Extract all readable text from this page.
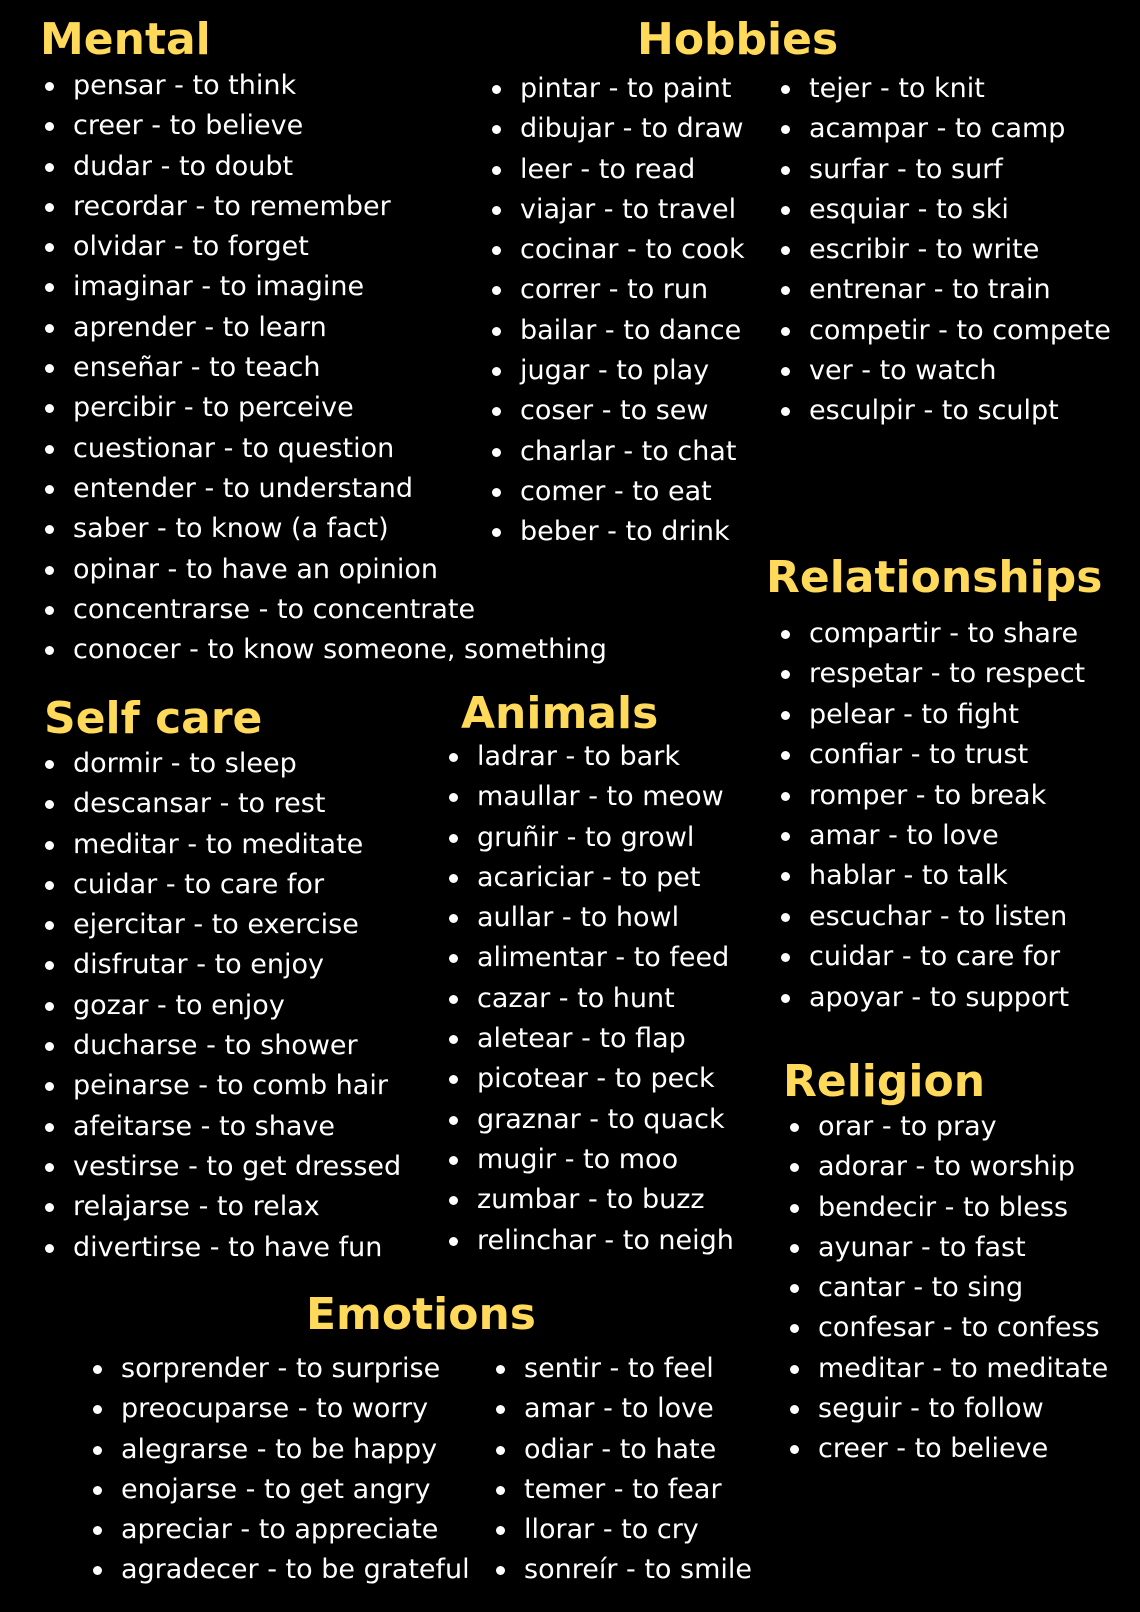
Mental
pensar - to think
creer - to believe
dudar - to doubt
recordar - to remember
olvidar - to forget
imaginar - to imagine
aprender - to learn
enseñar - to teach
percibir - to perceive
cuestionar - to question
entender - to understand
saber - to know (a fact)
opinar - to have an opinion
concentrarse - to concentrate
conocer - to know someone, something
Hobbies
pintar - to paint
dibujar - to draw
leer - to read
viajar - to travel
cocinar - to cook
correr - to run
bailar - to dance
jugar - to play
coser - to sew
charlar - to chat
comer - to eat
beber - to drink
tejer - to knit
acampar - to camp
surfar - to surf
esquiar - to ski
escribir - to write
entrenar - to train
competir - to compete
ver - to watch
esculpir - to sculpt
Relationships
compartir - to share
respetar - to respect
pelear - to fight
confiar - to trust
romper - to break
amar - to love
hablar - to talk
escuchar - to listen
cuidar - to care for
apoyar - to support
Self care
dormir - to sleep
descansar - to rest
meditar - to meditate
cuidar - to care for
ejercitar - to exercise
disfrutar - to enjoy
gozar - to enjoy
ducharse - to shower
peinarse - to comb hair
afeitarse - to shave
vestirse - to get dressed
relajarse - to relax
divertirse - to have fun
Animals
ladrar - to bark
maullar - to meow
gruñir - to growl
acariciar - to pet
aullar - to howl
alimentar - to feed
cazar - to hunt
aletear - to flap
picotear - to peck
graznar - to quack
mugir - to moo
zumbar - to buzz
relinchar - to neigh
Religion
orar - to pray
adorar - to worship
bendecir - to bless
ayunar - to fast
cantar - to sing
confesar - to confess
meditar - to meditate
seguir - to follow
creer - to believe
Emotions
sorprender - to surprise
preocuparse - to worry
alegrarse - to be happy
enojarse - to get angry
apreciar - to appreciate
agradecer - to be grateful
sentir - to feel
amar - to love
odiar - to hate
temer - to fear
llorar - to cry
sonreír - to smile
